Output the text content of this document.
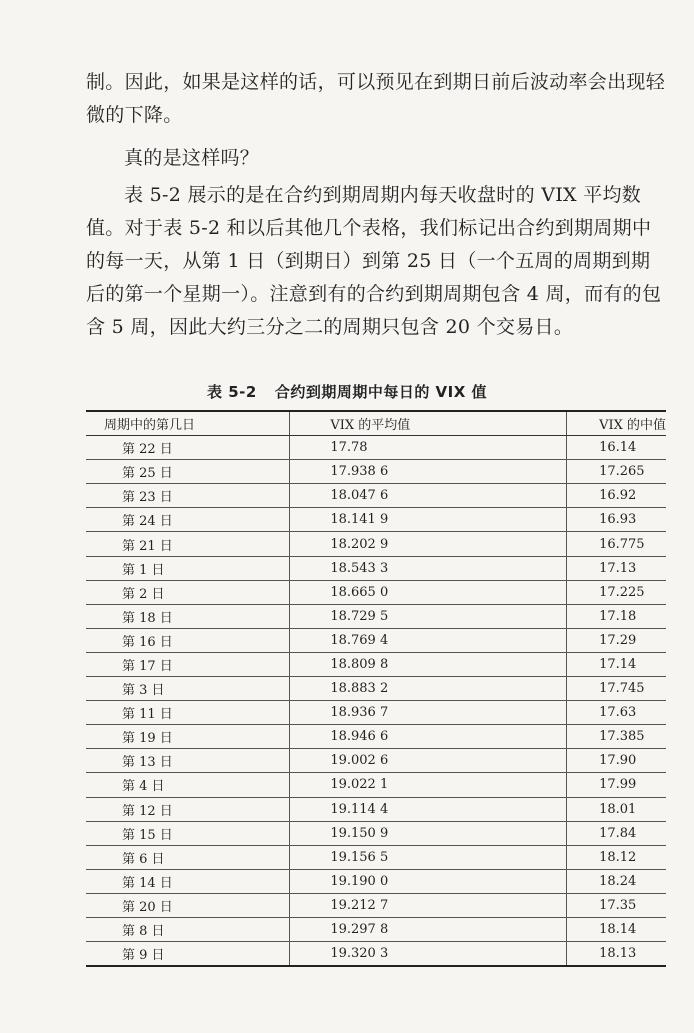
制。因此，如果是这样的话，可以预见在到期日前后波动率会出现轻微的下降。

真的是这样吗？

表 5-2 展示的是在合约到期周期内每天收盘时的 VIX 平均数值。对于表 5-2 和以后其他几个表格，我们标记出合约到期周期中的每一天，从第 1 日（到期日）到第 25 日（一个五周的周期到期后的第一个星期一）。注意到有的合约到期周期包含 4 周，而有的包含 5 周，因此大约三分之二的周期只包含 20 个交易日。

表 5-2 合约到期周期中每日的 VIX 值
周期中的第几日	VIX 的平均值	VIX 的中值
第 22 日	17.78	16.14
第 25 日	17.938 6	17.265
第 23 日	18.047 6	16.92
第 24 日	18.141 9	16.93
第 21 日	18.202 9	16.775
第 1 日	18.543 3	17.13
第 2 日	18.665 0	17.225
第 18 日	18.729 5	17.18
第 16 日	18.769 4	17.29
第 17 日	18.809 8	17.14
第 3 日	18.883 2	17.745
第 11 日	18.936 7	17.63
第 19 日	18.946 6	17.385
第 13 日	19.002 6	17.90
第 4 日	19.022 1	17.99
第 12 日	19.114 4	18.01
第 15 日	19.150 9	17.84
第 6 日	19.156 5	18.12
第 14 日	19.190 0	18.24
第 20 日	19.212 7	17.35
第 8 日	19.297 8	18.14
第 9 日	19.320 3	18.13
